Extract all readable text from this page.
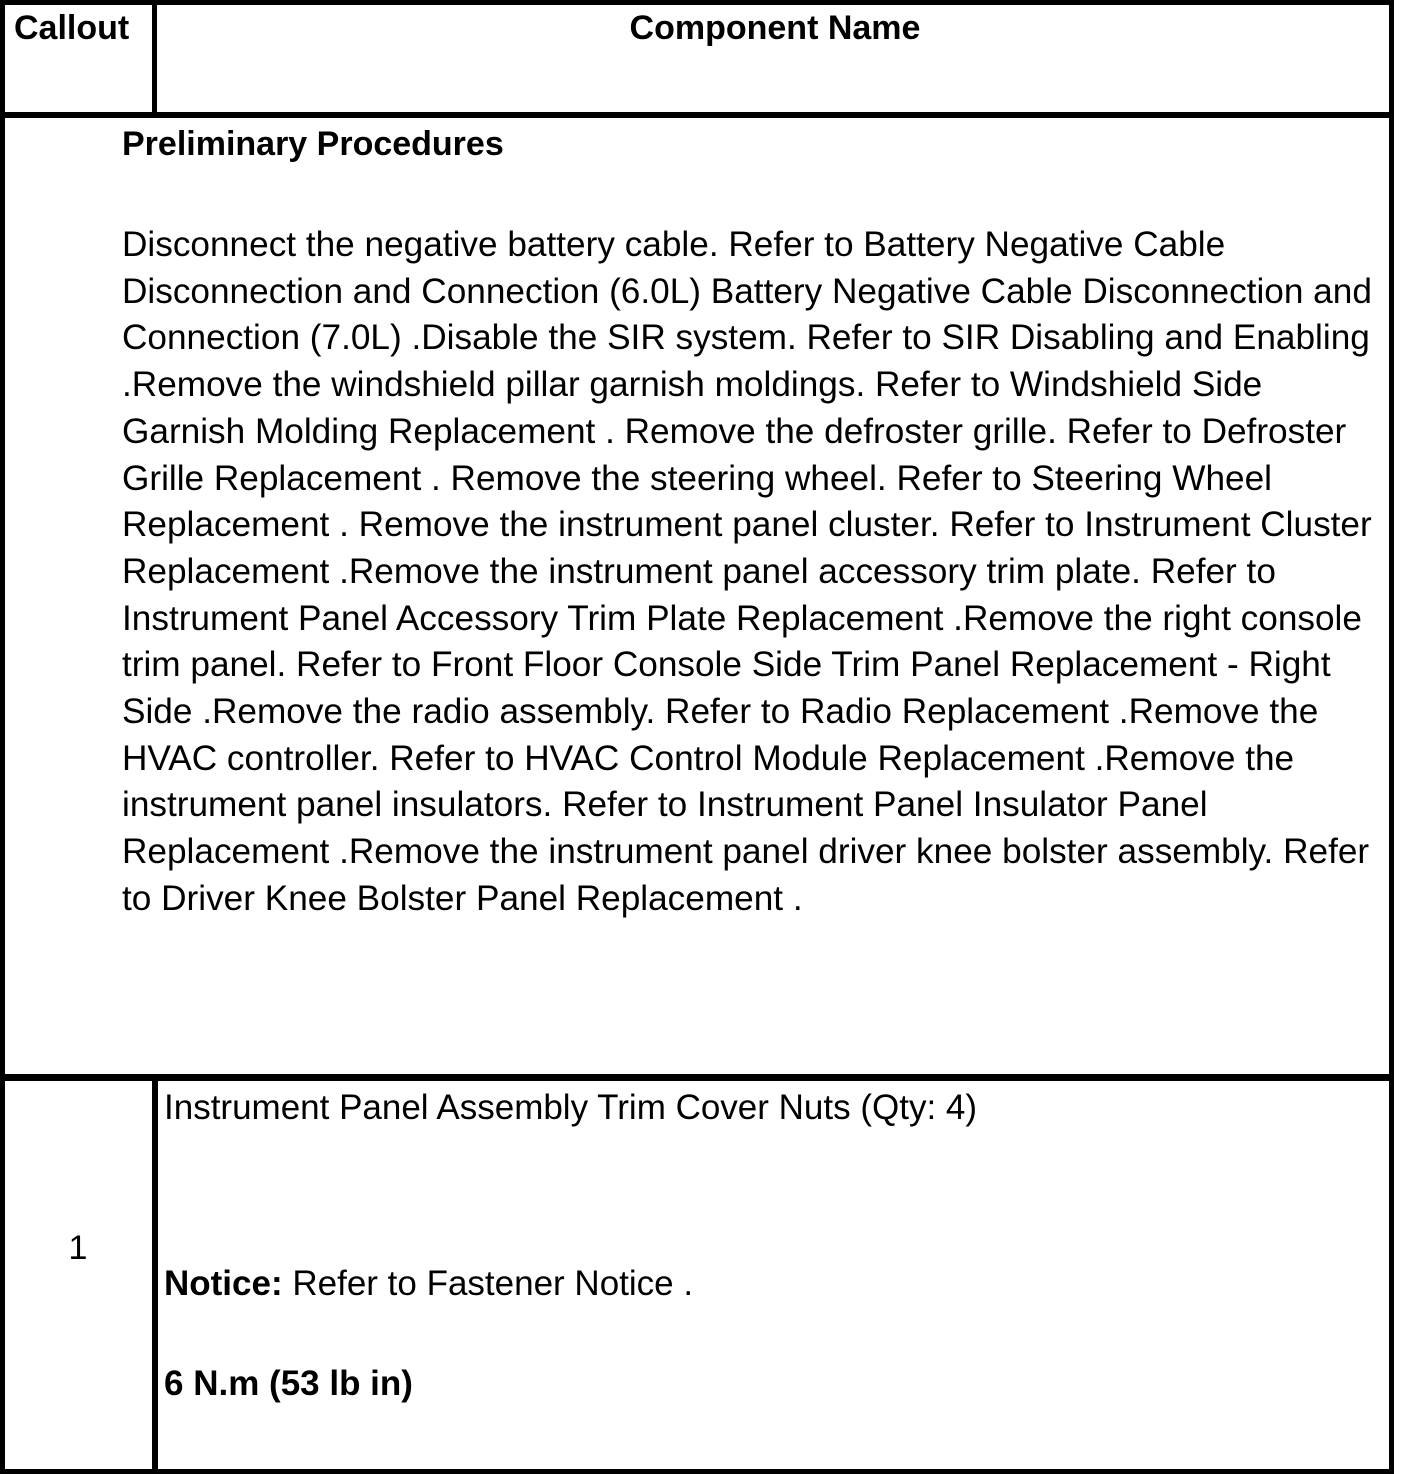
Callout	Component Name
Preliminary Procedures
Disconnect the negative battery cable. Refer to Battery Negative Cable Disconnection and Connection (6.0L) Battery Negative Cable Disconnection and Connection (7.0L) .Disable the SIR system. Refer to SIR Disabling and Enabling .Remove the windshield pillar garnish moldings. Refer to Windshield Side Garnish Molding Replacement . Remove the defroster grille. Refer to Defroster Grille Replacement . Remove the steering wheel. Refer to Steering Wheel Replacement . Remove the instrument panel cluster. Refer to Instrument Cluster Replacement .Remove the instrument panel accessory trim plate. Refer to Instrument Panel Accessory Trim Plate Replacement .Remove the right console trim panel. Refer to Front Floor Console Side Trim Panel Replacement - Right Side .Remove the radio assembly. Refer to Radio Replacement .Remove the HVAC controller. Refer to HVAC Control Module Replacement .Remove the instrument panel insulators. Refer to Instrument Panel Insulator Panel Replacement .Remove the instrument panel driver knee bolster assembly. Refer to Driver Knee Bolster Panel Replacement .
1
Instrument Panel Assembly Trim Cover Nuts (Qty: 4)
Notice: Refer to Fastener Notice .
6 N.m (53 lb in)
